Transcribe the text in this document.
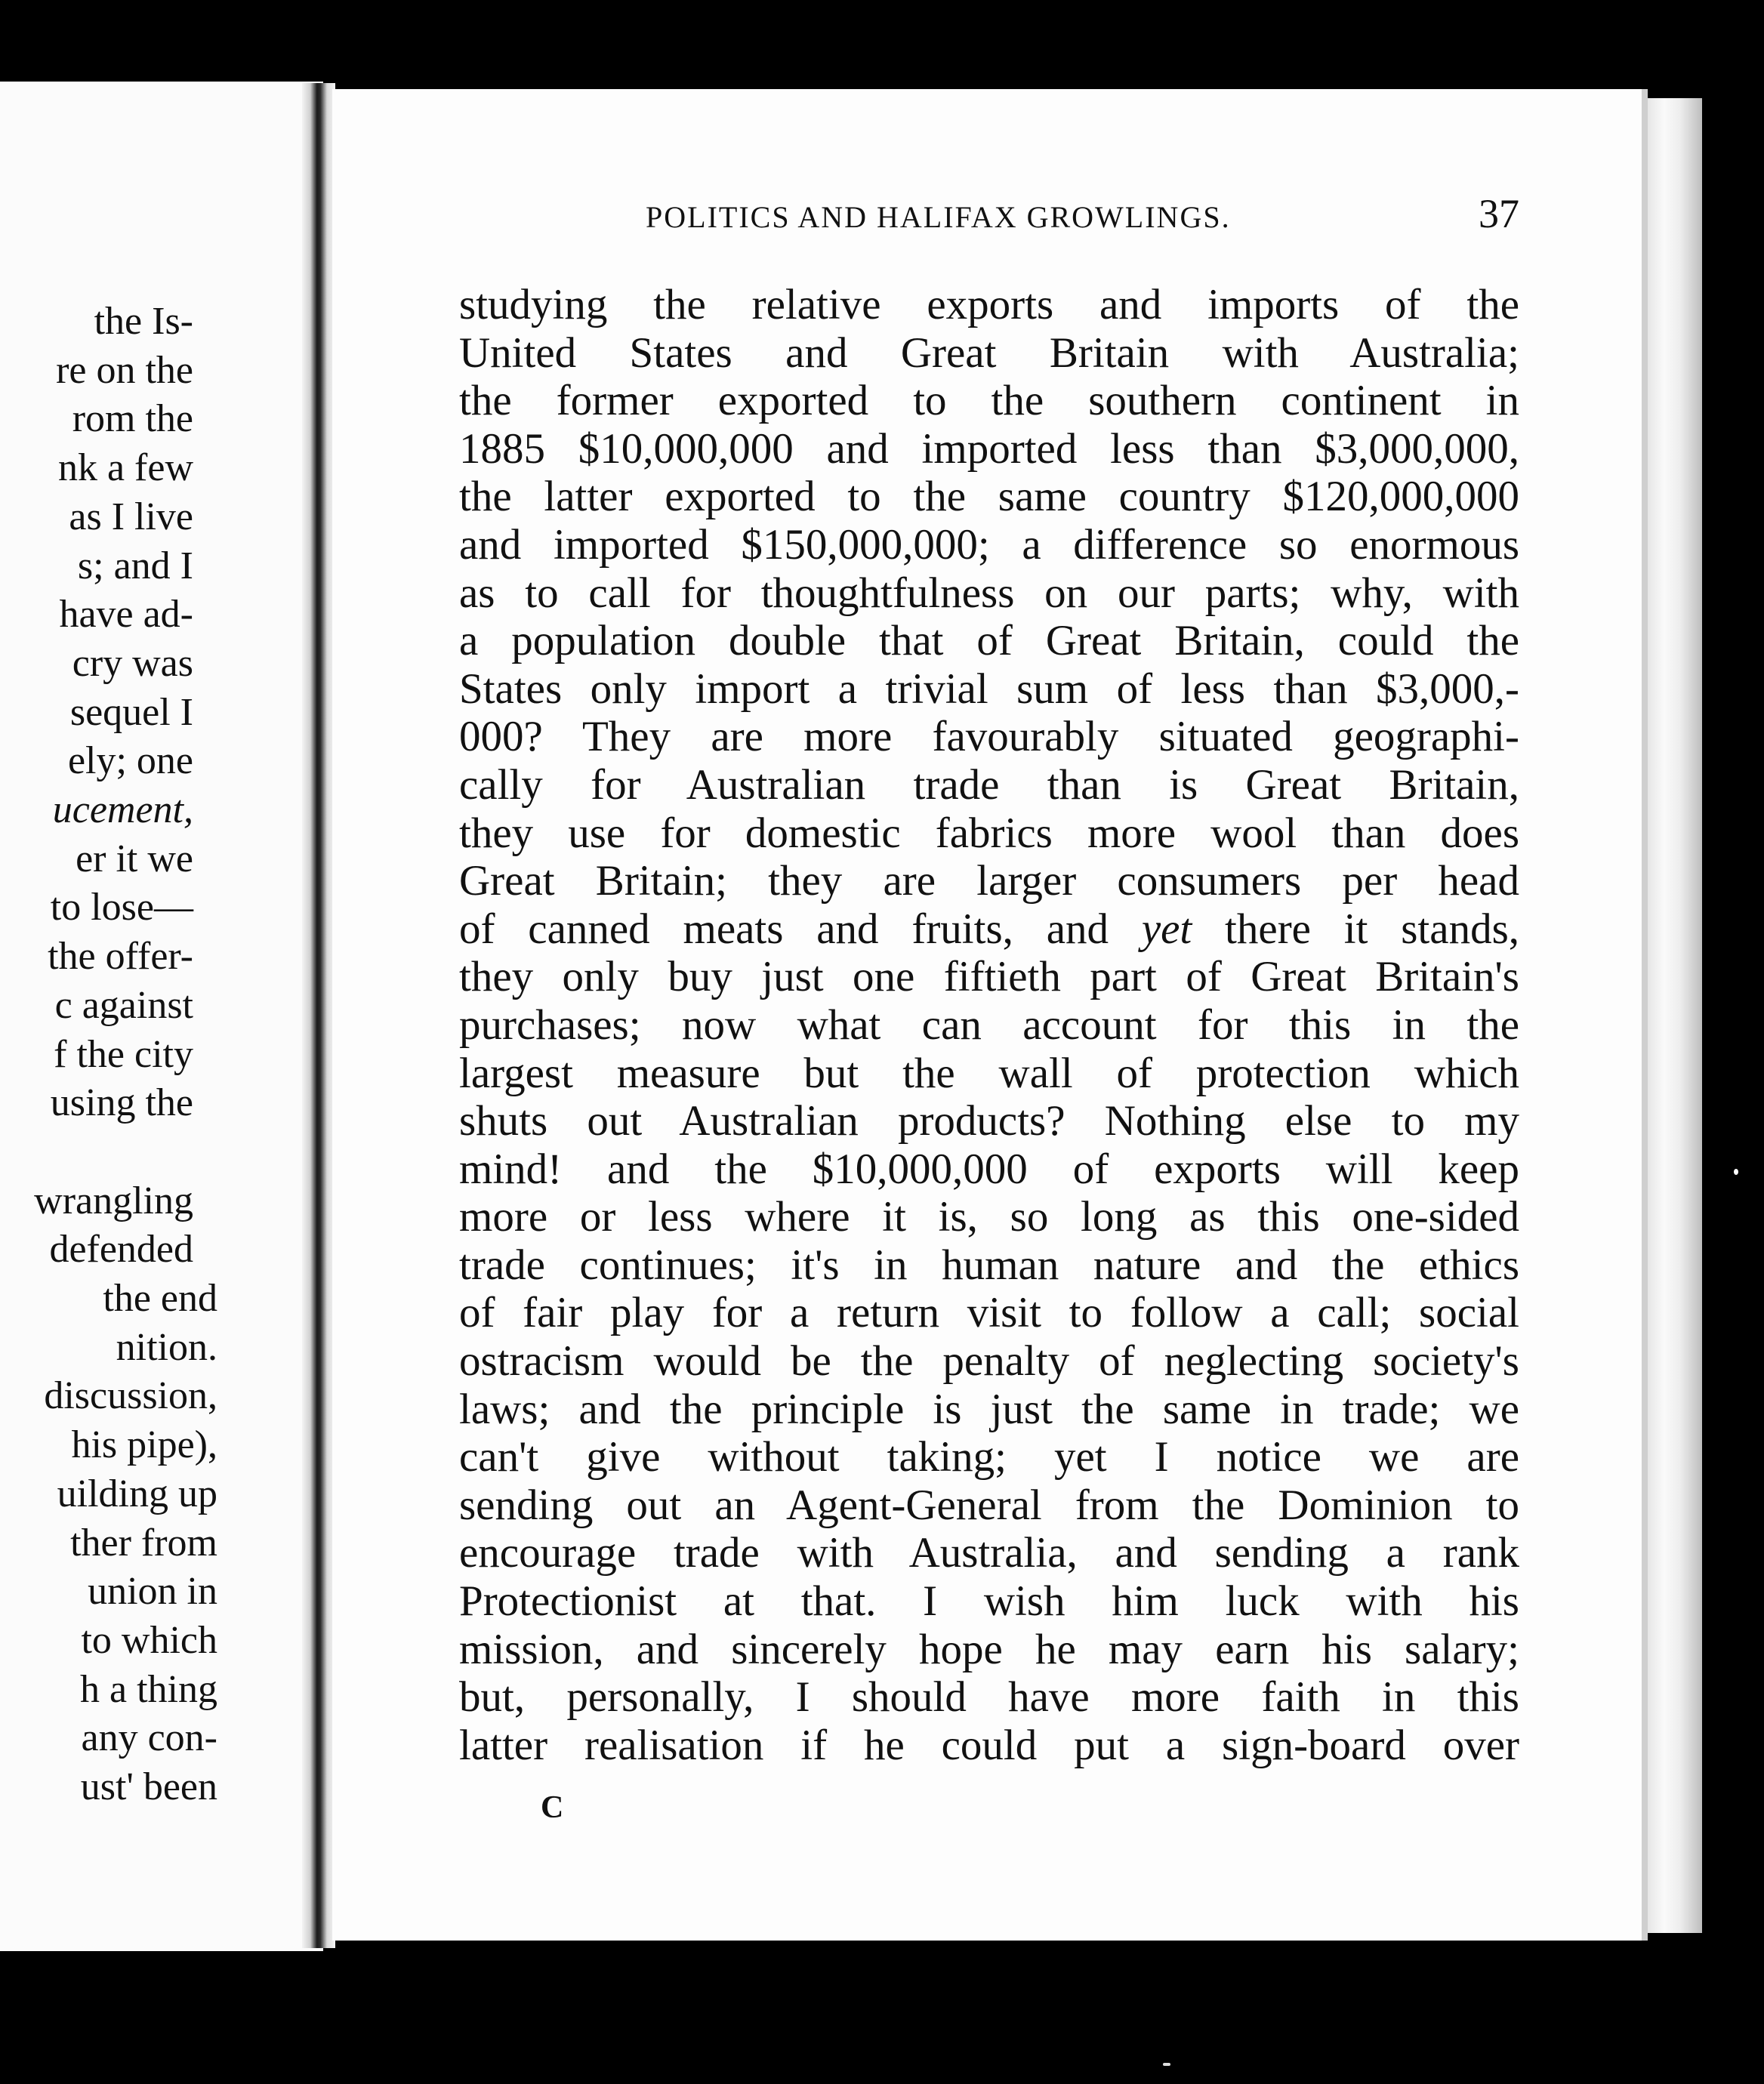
the Is-
re on the
rom the
nk a few
as I live
s; and I
have ad-
cry was
sequel I
ely; one
ucement,
er it we
to lose—
the offer-
c against
f the city
using the
wrangling
defended
the end
nition.
discussion,
his pipe),
uilding up
ther from
union in
to which
h a thing
any con-
ust' been
POLITICS AND HALIFAX GROWLINGS.	37
studying the relative exports and imports of the
United States and Great Britain with Australia;
the former exported to the southern continent in
1885 $10,000,000 and imported less than $3,000,000,
the latter exported to the same country $120,000,000
and imported $150,000,000; a difference so enormous
as to call for thoughtfulness on our parts; why, with
a population double that of Great Britain, could the
States only import a trivial sum of less than $3,000,-
000? They are more favourably situated geographi-
cally for Australian trade than is Great Britain,
they use for domestic fabrics more wool than does
Great Britain; they are larger consumers per head
of canned meats and fruits, and yet there it stands,
they only buy just one fiftieth part of Great Britain's
purchases; now what can account for this in the
largest measure but the wall of protection which
shuts out Australian products? Nothing else to my
mind! and the $10,000,000 of exports will keep
more or less where it is, so long as this one-sided
trade continues; it's in human nature and the ethics
of fair play for a return visit to follow a call; social
ostracism would be the penalty of neglecting society's
laws; and the principle is just the same in trade; we
can't give without taking; yet I notice we are
sending out an Agent-General from the Dominion to
encourage trade with Australia, and sending a rank
Protectionist at that. I wish him luck with his
mission, and sincerely hope he may earn his salary;
but, personally, I should have more faith in this
latter realisation if he could put a sign-board over
C
